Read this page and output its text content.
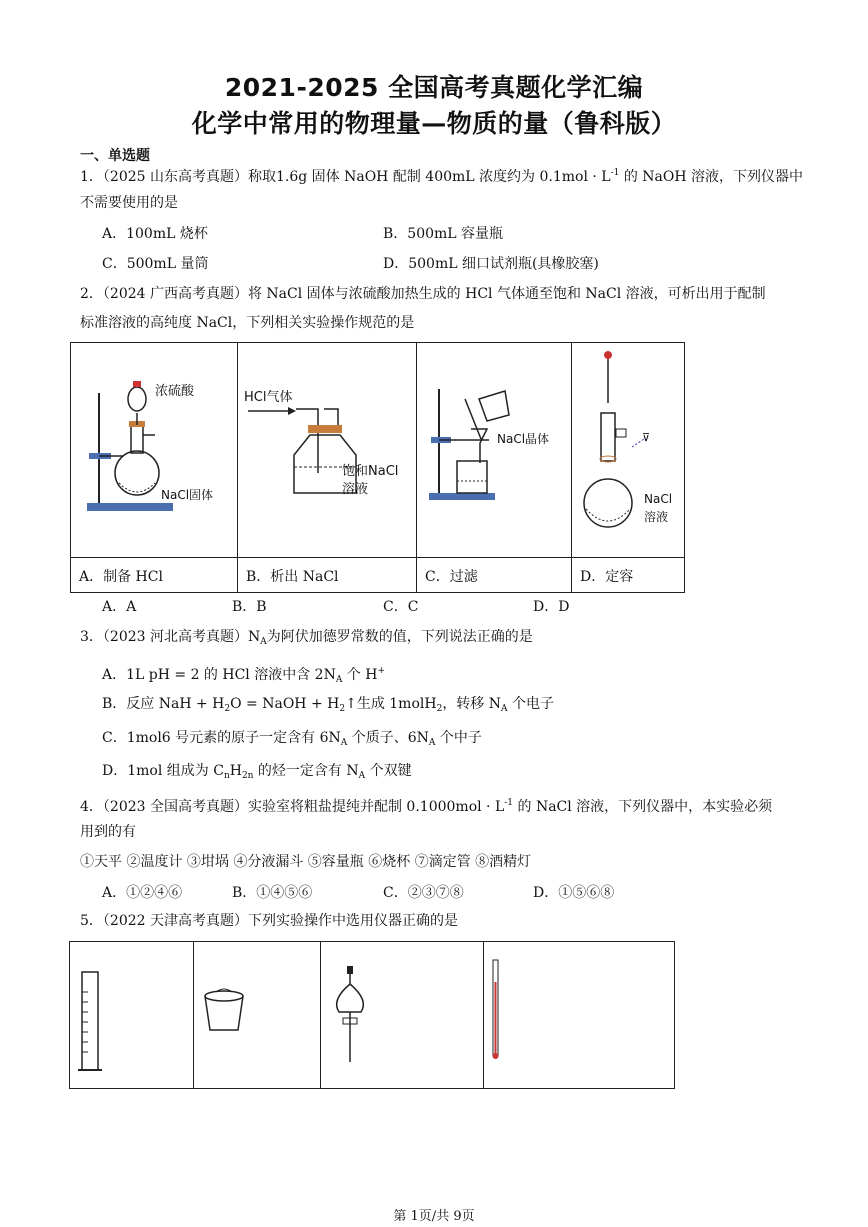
2021-2025 全国高考真题化学汇编
化学中常用的物理量—物质的量（鲁科版）
一、单选题
1．（2025 山东高考真题）称取1.6g 固体 NaOH 配制 400mL 浓度约为 $0.1mol \cdot L^{-1}$ 的 NaOH 溶液，下列仪器中
不需要使用的是
A．100mL 烧杯	B．500mL 容量瓶
C．500mL 量筒	D．500mL 细口试剂瓶(具橡胶塞)
2．（2024 广西高考真题）将 NaCl 固体与浓硫酸加热生成的 HCl 气体通至饱和 NaCl 溶液，可析出用于配制
标准溶液的高纯度 NaCl，下列相关实验操作规范的是
浓硫酸
NaCl固体	HCl气体
饱和NaCl
溶液	NaCl晶体	⊽
NaCl
溶液

A．制备 HCl	B．析出 NaCl	C．过滤	D．定容
A．A	B．B	C．C	D．D
3．（2023 河北高考真题）$N_A$为阿伏加德罗常数的值，下列说法正确的是
A．1L pH = 2 的 HCl 溶液中含 $2N_A$ 个 H+
B．反应 NaH + $H_2O$ = NaOH + $H_2↑$生成 1molH$_2$，转移 $N_A$ 个电子
C．1mol6 号元素的原子一定含有 $6N_A$ 个质子、$6N_A$ 个中子
D．1mol 组成为 $C_nH_{2n}$ 的烃一定含有 $N_A$ 个双键
4．（2023 全国高考真题）实验室将粗盐提纯并配制 $0.1000mol \cdot L^{-1}$ 的 NaCl 溶液，下列仪器中，本实验必须
用到的有
①天平 ②温度计 ③坩埚 ④分液漏斗 ⑤容量瓶 ⑥烧杯 ⑦滴定管 ⑧酒精灯
A．①②④⑥	B．①④⑤⑥	C．②③⑦⑧	D．①⑤⑥⑧
5．（2022 天津高考真题）下列实验操作中选用仪器正确的是

第 1页/共 9页
